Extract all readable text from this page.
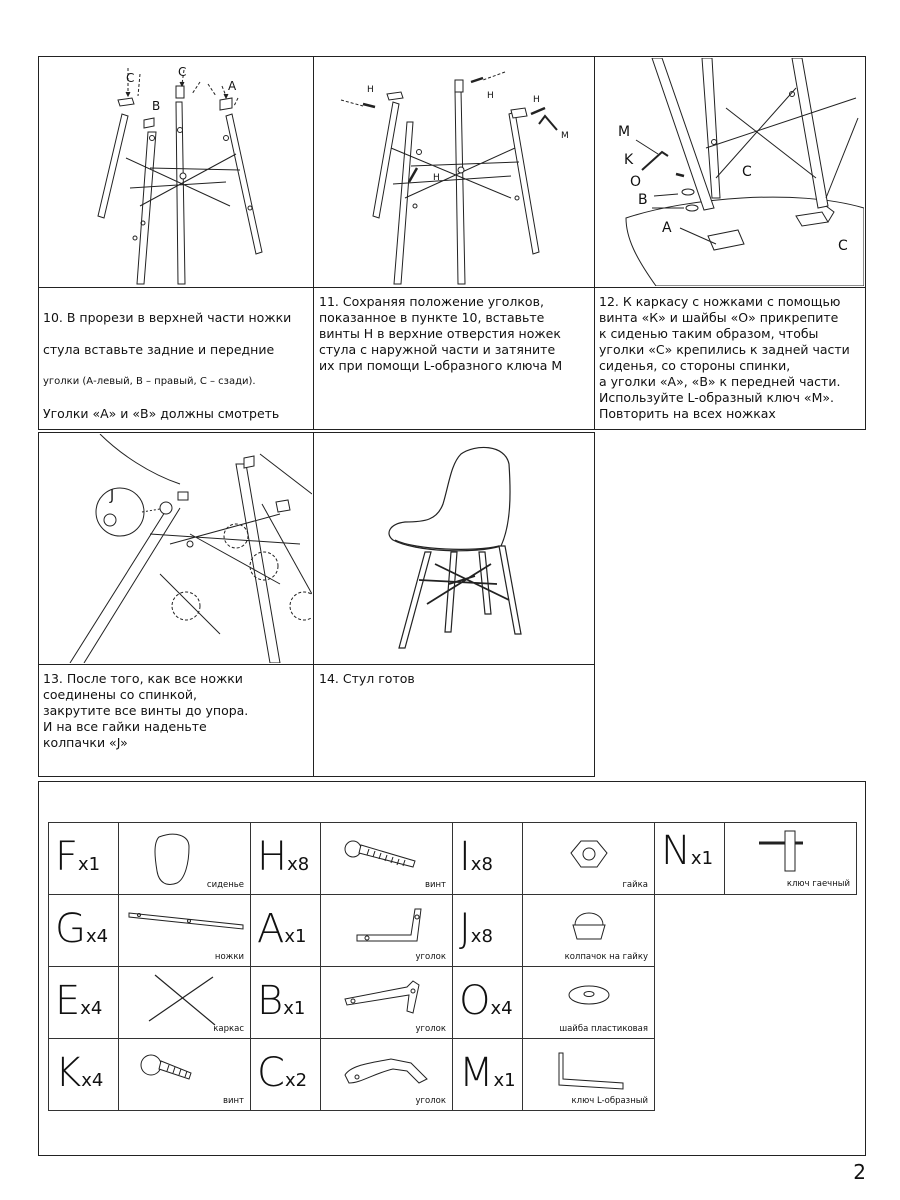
C	C
B
A	H
H	H
H
M	M
K
O
B
A
C
C

10. В прорези в верхней части ножки

стула вставьте задние и передние

уголки (А-левый, В – правый, С – сзади).

Уголки «А» и «В» должны смотреть

11. Сохраняя положение уголков,
показанное в пункте 10, вставьте
винты Н в верхние отверстия ножек
стула с наружной части и затяните
их при помощи L-образного ключа М
12. К каркасу с ножками с помощью
винта «К» и шайбы «О» прикрепите
к сиденью таким образом, чтобы
уголки «С» крепились к задней части
сиденья, со стороны спинки,
а уголки «А», «В» к передней части.
Используйте L-образный ключ «М».
Повторить на всех ножках
J
13. После того, как все ножки
соединены со спинкой,
закрутите все винты до упора.
И на все гайки наденьте
колпачки «J»
14. Стул готов
Fx1	сиденье	Hx8	винт	Ix8	гайка	Nx1	ключ гаечный

Gx4	ножки	Ax1	уголок	Jx8	колпачок на гайку		

Ex4	каркас	Bx1	уголок	Ox4	шайба пластиковая		

Kx4	винт	Cx2	уголок	Mx1	ключ L-образный		
2
